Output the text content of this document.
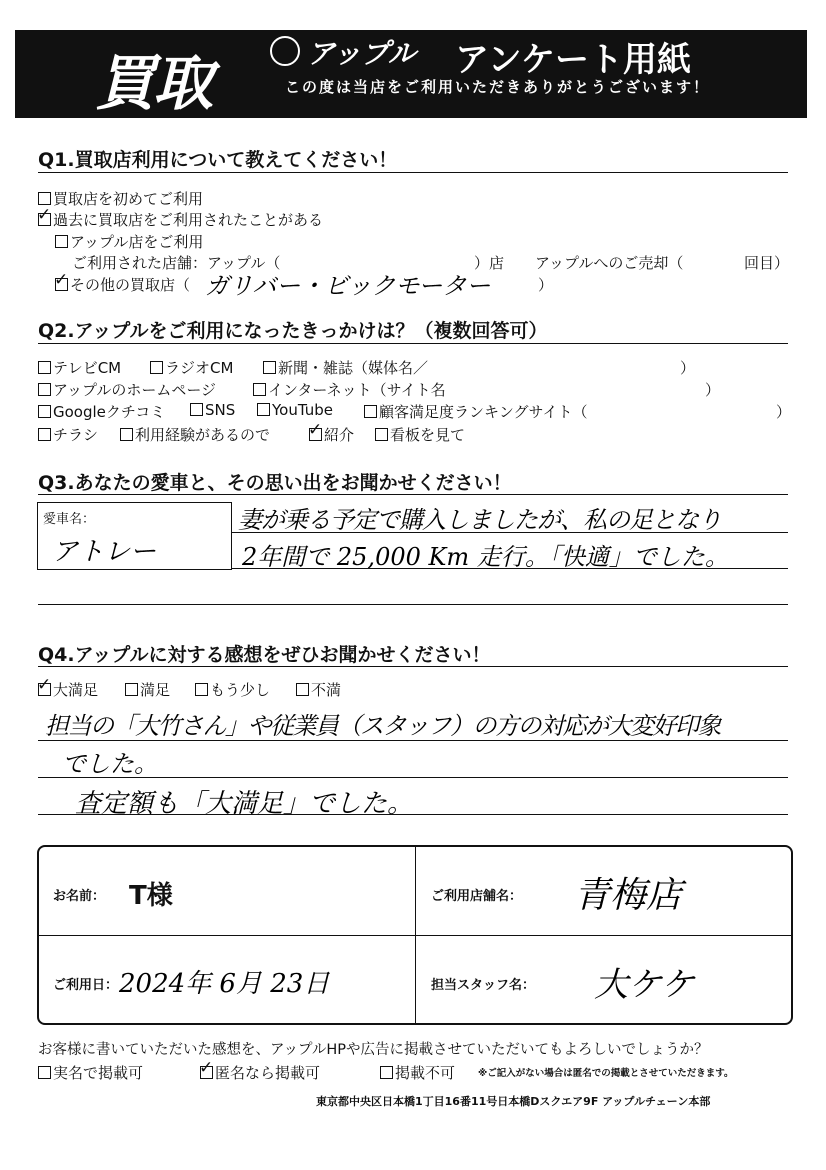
買取	アップル アンケート用紙
この度は当店をご利用いただきありがとうございます！
Q1.買取店利用について教えてください！
買取店を初めてご利用
✓過去に買取店をご利用されたことがある
アップル店をご利用
ご利用された店舗：アップル（	）店 アップルへのご売却（	回目）
✓その他の買取店（ ガリバー・ビックモーター	）
Q2.アップルをご利用になったきっかけは？（複数回答可）
テレビCM	ラジオCM	新聞・雑誌（媒体名／	）
アップルのホームページ	インターネット（サイト名	）
Googleクチコミ	SNS	YouTube	顧客満足度ランキングサイト（	）
チラシ	利用経験があるので ✓	紹介	看板を見て
Q3.あなたの愛車と、その思い出をお聞かせください！
愛車名：
アトレー
妻が乗る予定で購入しましたが、私の足となり
2年間で 25,000 Km 走行。「快適」でした。
Q4.アップルに対する感想をぜひお聞かせください！
✓大満足	満足	もう少し	不満
担当の「大竹さん」や従業員（スタッフ）の方の対応が大変好印象
でした。
査定額も「大満足」でした。
お名前： T様	ご利用店舗名： 青梅店
ご利用日： 2024年 6月 23日	担当スタッフ名： 大ケケ
お客様に書いていただいた感想を、アップルHPや広告に掲載させていただいてもよろしいでしょうか？
実名で掲載可 ✓	匿名なら掲載可	掲載不可 ※ご記入がない場合は匿名での掲載とさせていただきます。
東京都中央区日本橋1丁目16番11号日本橋Dスクエア9F アップルチェーン本部
